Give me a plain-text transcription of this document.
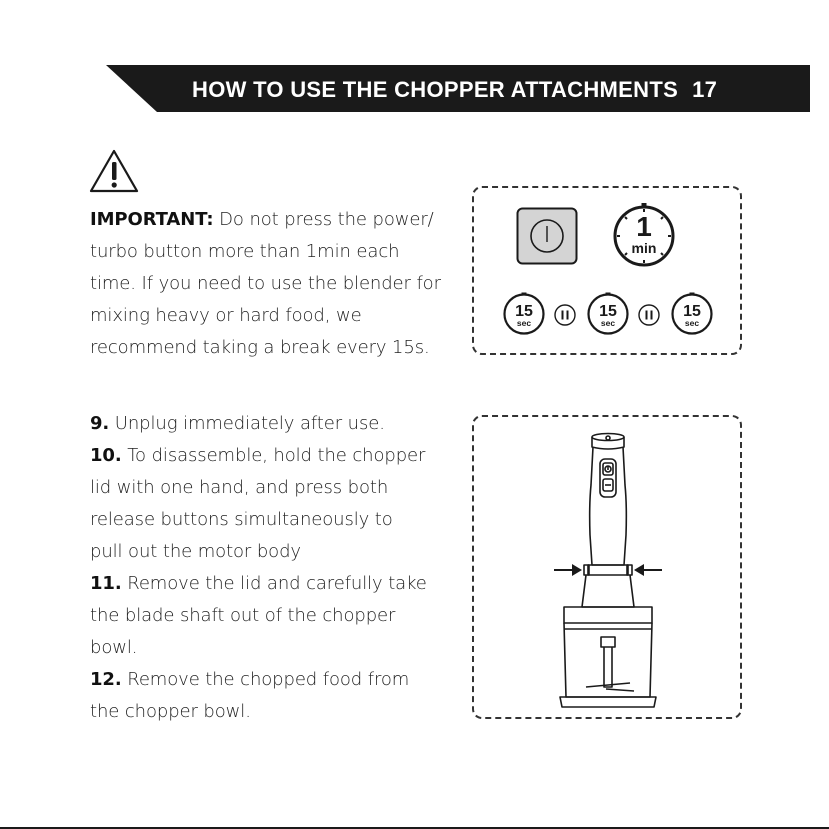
HOW TO USE THE CHOPPER ATTACHMENTS 17
IMPORTANT: Do not press the power/
turbo button more than 1min each
time. If you need to use the blender for
mixing heavy or hard food, we
recommend taking a break every 15s.
1
min
15
sec
15
sec
15
sec
9. Unplug immediately after use.
10. To disassemble, hold the chopper
lid with one hand, and press both
release buttons simultaneously to
pull out the motor body
11. Remove the lid and carefully take
the blade shaft out of the chopper
bowl.
12. Remove the chopped food from
the chopper bowl.
